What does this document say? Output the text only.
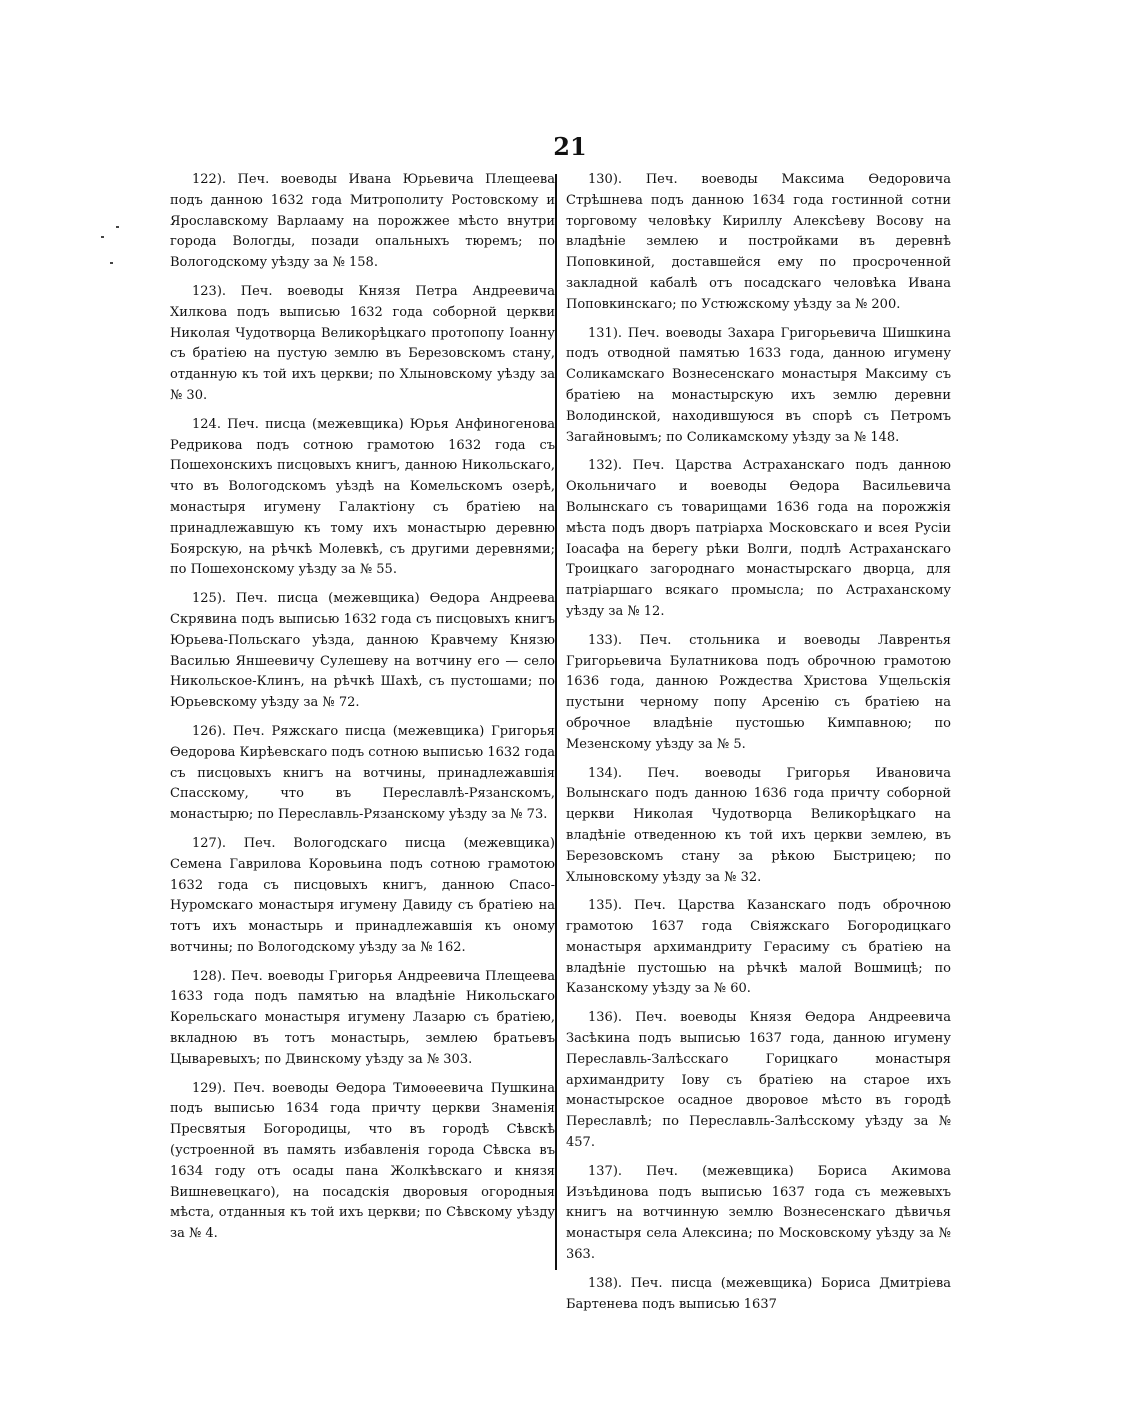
21

122). Печ. воеводы Ивана Юрьевича Плещеева подъ данною 1632 года Митрополиту Ростовскому и Ярославскому Варлааму на порожжее мѣсто внутри города Вологды, позади опальныхъ тюремъ; по Вологодскому уѣзду за № 158.

123). Печ. воеводы Князя Петра Андреевича Хилкова подъ выписью 1632 года соборной церкви Николая Чудотворца Великорѣцкаго протопопу Іоанну съ братіею на пустую землю въ Березовскомъ стану, отданную къ той ихъ церкви; по Хлыновскому уѣзду за № 30.

124. Печ. писца (межевщика) Юрья Анфиногенова Редрикова подъ сотною грамотою 1632 года съ Пошехонскихъ писцовыхъ книгъ, данною Никольскаго, что въ Вологодскомъ уѣздѣ на Комельскомъ озерѣ, монастыря игумену Галактіону съ братіею на принадлежавшую къ тому ихъ монастырю деревню Боярскую, на рѣчкѣ Молевкѣ, съ другими деревнями; по Пошехонскому уѣзду за № 55.

125). Печ. писца (межевщика) Ѳедора Андреева Скрявина подъ выписью 1632 года съ писцовыхъ книгъ Юрьева-Польскаго уѣзда, данною Кравчему Князю Василью Яншеевичу Сулешеву на вотчину его — село Никольское-Клинъ, на рѣчкѣ Шахѣ, съ пустошами; по Юрьевскому уѣзду за № 72.

126). Печ. Ряжскаго писца (межевщика) Григорья Ѳедорова Кирѣевскаго подъ сотною выписью 1632 года съ писцовыхъ книгъ на вотчины, принадлежавшія Спасскому, что въ Переславлѣ-Рязанскомъ, монастырю; по Переславль-Рязанскому уѣзду за № 73.

127). Печ. Вологодскаго писца (межевщика) Семена Гаврилова Коровьина подъ сотною грамотою 1632 года съ писцовыхъ книгъ, данною Спасо-Нуромскаго монастыря игумену Давиду съ братіею на тотъ ихъ монастырь и принадлежавшія къ оному вотчины; по Вологодскому уѣзду за № 162.

128). Печ. воеводы Григорья Андреевича Плещеева 1633 года подъ памятью на владѣніе Никольскаго Корельскаго монастыря игумену Лазарю съ братіею, вкладною въ тотъ монастырь, землею братьевъ Цываревыхъ; по Двинскому уѣзду за № 303.

129). Печ. воеводы Ѳедора Тимоѳеевича Пушкина подъ выписью 1634 года причту церкви Знаменія Пресвятыя Богородицы, что въ городѣ Сѣвскѣ (устроенной въ память избавленія города Сѣвска въ 1634 году отъ осады пана Жолкѣвскаго и князя Вишневецкаго), на посадскія дворовыя огородныя мѣста, отданныя къ той ихъ церкви; по Сѣвскому уѣзду за № 4.

130). Печ. воеводы Максима Ѳедоровича Стрѣшнева подъ данною 1634 года гостинной сотни торговому человѣку Кириллу Алексѣеву Восову на владѣніе землею и постройками въ деревнѣ Поповкиной, доставшейся ему по просроченной закладной кабалѣ отъ посадскаго человѣка Ивана Поповкинскаго; по Устюжскому уѣзду за № 200.

131). Печ. воеводы Захара Григорьевича Шишкина подъ отводной памятью 1633 года, данною игумену Соликамскаго Вознесенскаго монастыря Максиму съ братіею на монастырскую ихъ землю деревни Володинской, находившуюся въ спорѣ съ Петромъ Загайновымъ; по Соликамскому уѣзду за № 148.

132). Печ. Царства Астраханскаго подъ данною Окольничаго и воеводы Ѳедора Васильевича Волынскаго съ товарищами 1636 года на порожжія мѣста подъ дворъ патріарха Московскаго и всея Русіи Іоасафа на берегу рѣки Волги, подлѣ Астраханскаго Троицкаго загороднаго монастырскаго дворца, для патріаршаго всякаго промысла; по Астраханскому уѣзду за № 12.

133). Печ. стольника и воеводы Лаврентья Григорьевича Булатникова подъ оброчною грамотою 1636 года, данною Рождества Христова Ущельскія пустыни черному попу Арсенію съ братіею на оброчное владѣніе пустошью Кимпавною; по Мезенскому уѣзду за № 5.

134). Печ. воеводы Григорья Ивановича Волынскаго подъ данною 1636 года причту соборной церкви Николая Чудотворца Великорѣцкаго на владѣніе отведенною къ той ихъ церкви землею, въ Березовскомъ стану за рѣкою Быстрицею; по Хлыновскому уѣзду за № 32.

135). Печ. Царства Казанскаго подъ оброчною грамотою 1637 года Свіяжскаго Богородицкаго монастыря архимандриту Герасиму съ братіею на владѣніе пустошью на рѣчкѣ малой Вошмицѣ; по Казанскому уѣзду за № 60.

136). Печ. воеводы Князя Ѳедора Андреевича Засѣкина подъ выписью 1637 года, данною игумену Переславль-Залѣсскаго Горицкаго монастыря архимандриту Іову съ братіею на старое ихъ монастырское осадное дворовое мѣсто въ городѣ Переславлѣ; по Переславль-Залѣсскому уѣзду за № 457.

137). Печ. (межевщика) Бориса Акимова Изъѣдинова подъ выписью 1637 года съ межевыхъ книгъ на вотчинную землю Вознесенскаго дѣвичья монастыря села Алексина; по Московскому уѣзду за № 363.

138). Печ. писца (межевщика) Бориса Дмитріева Бартенева подъ выписью 1637
